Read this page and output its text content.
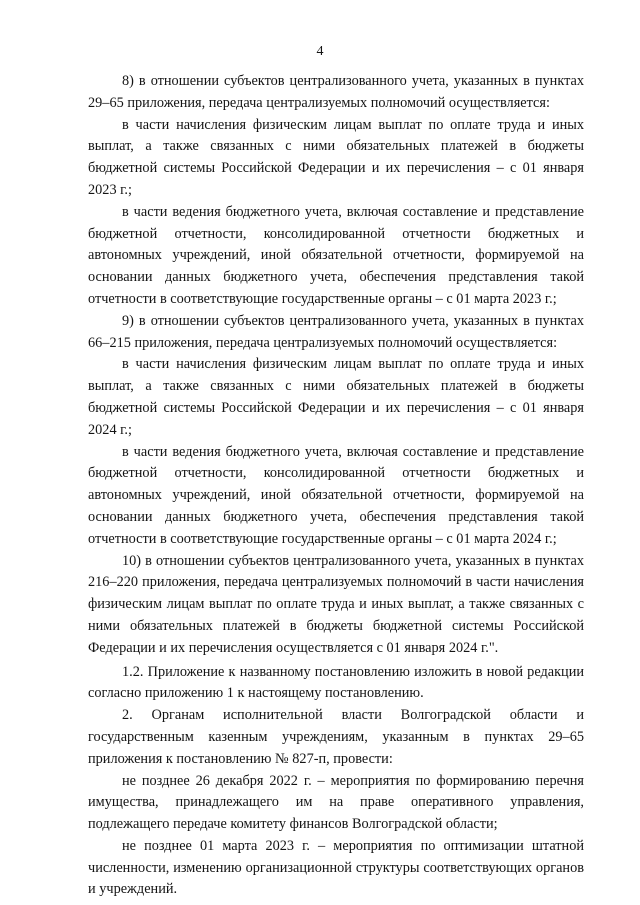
4

8) в отношении субъектов централизованного учета, указанных в пунктах 29–65 приложения, передача централизуемых полномочий осуществляется:

в части начисления физическим лицам выплат по оплате труда и иных выплат, а также связанных с ними обязательных платежей в бюджеты бюджетной системы Российской Федерации и их перечисления – с 01 января 2023 г.;

в части ведения бюджетного учета, включая составление и представление бюджетной отчетности, консолидированной отчетности бюджетных и автономных учреждений, иной обязательной отчетности, формируемой на основании данных бюджетного учета, обеспечения представления такой отчетности в соответствующие государственные органы – с 01 марта 2023 г.;

9) в отношении субъектов централизованного учета, указанных в пунктах 66–215 приложения, передача централизуемых полномочий осуществляется:

в части начисления физическим лицам выплат по оплате труда и иных выплат, а также связанных с ними обязательных платежей в бюджеты бюджетной системы Российской Федерации и их перечисления – с 01 января 2024 г.;

в части ведения бюджетного учета, включая составление и представление бюджетной отчетности, консолидированной отчетности бюджетных и автономных учреждений, иной обязательной отчетности, формируемой на основании данных бюджетного учета, обеспечения представления такой отчетности в соответствующие государственные органы – с 01 марта 2024 г.;

10) в отношении субъектов централизованного учета, указанных в пунктах 216–220 приложения, передача централизуемых полномочий в части начисления физическим лицам выплат по оплате труда и иных выплат, а также связанных с ними обязательных платежей в бюджеты бюджетной системы Российской Федерации и их перечисления осуществляется с 01 января 2024 г.".

1.2. Приложение к названному постановлению изложить в новой редакции согласно приложению 1 к настоящему постановлению.

2. Органам исполнительной власти Волгоградской области и государственным казенным учреждениям, указанным в пунктах 29–65 приложения к постановлению № 827-п, провести:

не позднее 26 декабря 2022 г. – мероприятия по формированию перечня имущества, принадлежащего им на праве оперативного управления, подлежащего передаче комитету финансов Волгоградской области;

не позднее 01 марта 2023 г. – мероприятия по оптимизации штатной численности, изменению организационной структуры соответствующих органов и учреждений.
